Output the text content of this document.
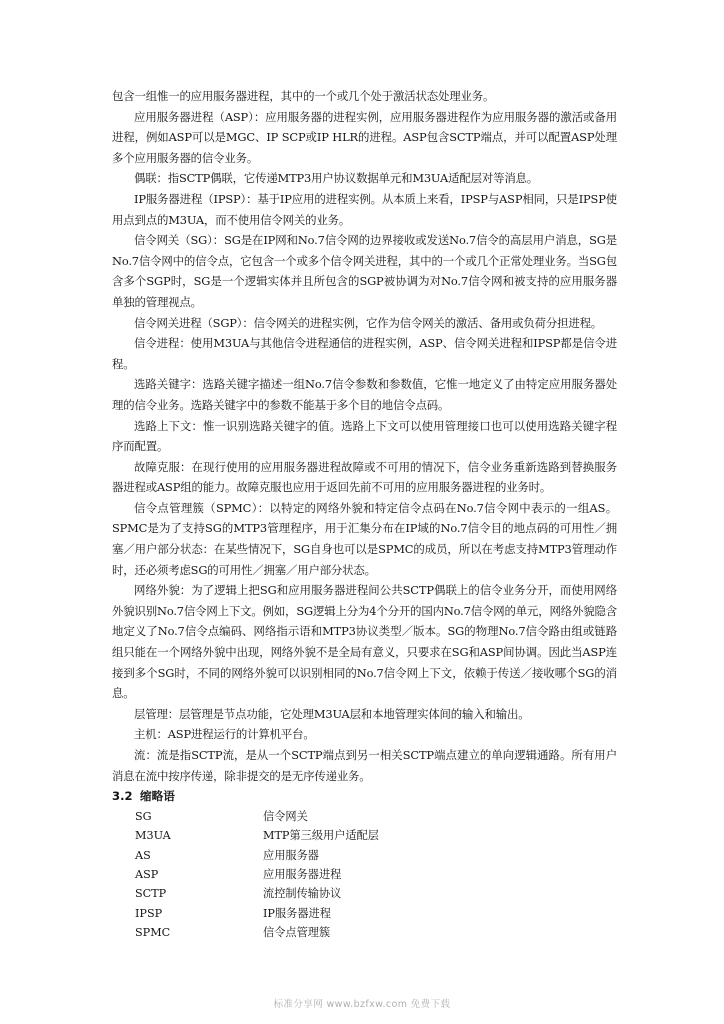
包含一组惟一的应用服务器进程，其中的一个或几个处于激活状态处理业务。

应用服务器进程（ASP）：应用服务器的进程实例，应用服务器进程作为应用服务器的激活或备用进程，例如ASP可以是MGC、IP SCP或IP HLR的进程。ASP包含SCTP端点，并可以配置ASP处理多个应用服务器的信令业务。

偶联：指SCTP偶联，它传递MTP3用户协议数据单元和M3UA适配层对等消息。

IP服务器进程（IPSP）：基于IP应用的进程实例。从本质上来看，IPSP与ASP相同，只是IPSP使用点到点的M3UA，而不使用信令网关的业务。

信令网关（SG）：SG是在IP网和No.7信令网的边界接收或发送No.7信令的高层用户消息，SG是No.7信令网中的信令点，它包含一个或多个信令网关进程，其中的一个或几个正常处理业务。当SG包含多个SGP时，SG是一个逻辑实体并且所包含的SGP被协调为对No.7信令网和被支持的应用服务器单独的管理视点。

信令网关进程（SGP）：信令网关的进程实例，它作为信令网关的激活、备用或负荷分担进程。

信令进程：使用M3UA与其他信令进程通信的进程实例，ASP、信令网关进程和IPSP都是信令进程。

选路关键字：选路关键字描述一组No.7信令参数和参数值，它惟一地定义了由特定应用服务器处理的信令业务。选路关键字中的参数不能基于多个目的地信令点码。

选路上下文：惟一识别选路关键字的值。选路上下文可以使用管理接口也可以使用选路关键字程序而配置。

故障克服：在现行使用的应用服务器进程故障或不可用的情况下，信令业务重新选路到替换服务器进程或ASP组的能力。故障克服也应用于返回先前不可用的应用服务器进程的业务时。

信令点管理簇（SPMC）：以特定的网络外貌和特定信令点码在No.7信令网中表示的一组AS。SPMC是为了支持SG的MTP3管理程序，用于汇集分布在IP域的No.7信令目的地点码的可用性／拥塞／用户部分状态：在某些情况下，SG自身也可以是SPMC的成员，所以在考虑支持MTP3管理动作时，还必须考虑SG的可用性／拥塞／用户部分状态。

网络外貌：为了逻辑上把SG和应用服务器进程间公共SCTP偶联上的信令业务分开，而使用网络外貌识别No.7信令网上下文。例如，SG逻辑上分为4个分开的国内No.7信令网的单元，网络外貌隐含地定义了No.7信令点编码、网络指示语和MTP3协议类型／版本。SG的物理No.7信令路由组或链路组只能在一个网络外貌中出现，网络外貌不是全局有意义，只要求在SG和ASP间协调。因此当ASP连接到多个SG时，不同的网络外貌可以识别相同的No.7信令网上下文，依赖于传送／接收哪个SG的消息。

层管理：层管理是节点功能，它处理M3UA层和本地管理实体间的输入和输出。

主机：ASP进程运行的计算机平台。

流：流是指SCTP流，是从一个SCTP端点到另一相关SCTP端点建立的单向逻辑通路。所有用户消息在流中按序传递，除非提交的是无序传递业务。

3.2 缩略语
SG	信令网关
M3UA	MTP第三级用户适配层
AS	应用服务器
ASP	应用服务器进程
SCTP	流控制传输协议
IPSP	IP服务器进程
SPMC	信令点管理簇
标准分享网 www.bzfxw.com 免费下载
